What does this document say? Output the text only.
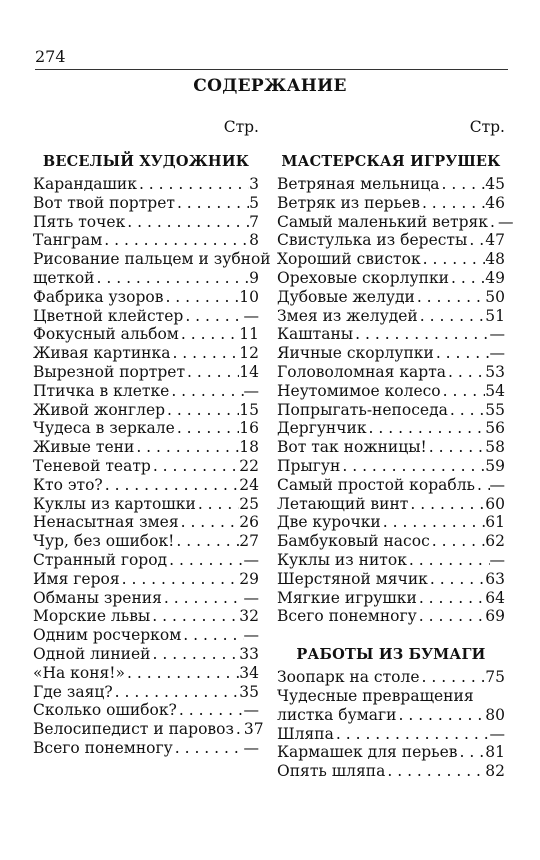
274
СОДЕРЖАНИЕ
Стр.
ВЕСЕЛЫЙ ХУДОЖНИК
Карандашик . . .	3
Вот твой портрет . . .	5
Пять точек . . .	7
Танграм . . .	8
Рисование пальцем и зубной
щеткой . . .	9
Фабрика узоров . . .	10
Цветной клейстер . . .	—
Фокусный альбом . . .	11
Живая картинка . . .	12
Вырезной портрет . . .	14
Птичка в клетке . . .	—
Живой жонглер . . .	15
Чудеса в зеркале . . .	16
Живые тени . . .	18
Теневой театр . . .	22
Кто это? . . .	24
Куклы из картошки . . .	25
Ненасытная змея . . .	26
Чур, без ошибок! . . .	27
Странный город . . .	—
Имя героя . . .	29
Обманы зрения . . .	—
Морские львы . . .	32
Одним росчерком . . .	—
Одной линией . . .	33
«На коня!» . . .	34
Где заяц? . . .	35
Сколько ошибок? . . .	—
Велосипедист и паровоз . . . 37
Всего понемногу . . .	—
Стр.
МАСТЕРСКАЯ ИГРУШЕК
Ветряная мельница . . .	45
Ветряк из перьев . . .	46
Самый маленький ветряк . . . —
Свистулька из бересты . . . 47
Хороший свисток . . .	48
Ореховые скорлупки . . . 49
Дубовые желуди . . .	50
Змея из желудей . . .	51
Каштаны . . .	—
Яичные скорлупки . . .	—
Головоломная карта . . .	53
Неутомимое колесо . . .	54
Попрыгать-непоседа . . . 55
Дергунчик . . .	56
Вот так ножницы! . . .	58
Прыгун . . .	59
Самый простой корабль . . . —
Летающий винт . . .	60
Две курочки . . .	61
Бамбуковый насос . . .	62
Куклы из ниток . . .	—
Шерстяной мячик . . .	63
Мягкие игрушки . . .	64
Всего понемногу . . .	69
РАБОТЫ ИЗ БУМАГИ
Зоопарк на столе . . .	75
Чудесные превращения
листка бумаги . . .	80
Шляпа . . .	—
Кармашек для перьев . . . 81
Опять шляпа . . .	82
